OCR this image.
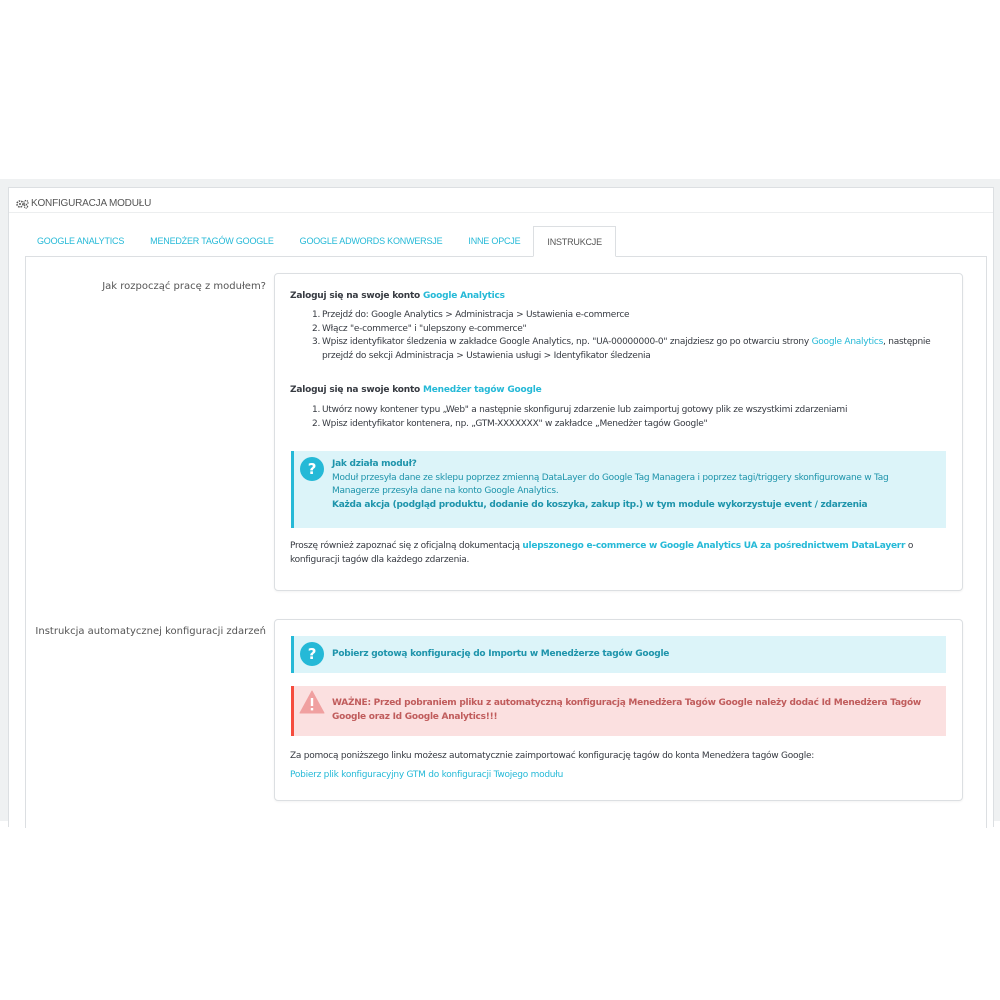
KONFIGURACJA MODUŁU
GOOGLE ANALYTICS	MENEDŻER TAGÓW GOOGLE	GOOGLE ADWORDS KONWERSJE	INNE OPCJE	INSTRUKCJE
Jak rozpocząć pracę z modułem?
Zaloguj się na swoje konto Google Analytics
1. Przejdź do: Google Analytics > Administracja > Ustawienia e-commerce
2. Włącz "e-commerce" i "ulepszony e-commerce"
3. Wpisz identyfikator śledzenia w zakładce Google Analytics, np. "UA-00000000-0" znajdziesz go po otwarciu strony Google Analytics, następnie
przejdź do sekcji Administracja > Ustawienia usługi > Identyfikator śledzenia
Zaloguj się na swoje konto Menedżer tagów Google
1. Utwórz nowy kontener typu „Web" a następnie skonfiguruj zdarzenie lub zaimportuj gotowy plik ze wszystkimi zdarzeniami
2. Wpisz identyfikator kontenera, np. „GTM-XXXXXXX" w zakładce „Menedżer tagów Google"
? Jak działa moduł?
Moduł przesyła dane ze sklepu poprzez zmienną DataLayer do Google Tag Managera i poprzez tagi/triggery skonfigurowane w Tag
Managerze przesyła dane na konto Google Analytics.
Każda akcja (podgląd produktu, dodanie do koszyka, zakup itp.) w tym module wykorzystuje event / zdarzenia
Proszę również zapoznać się z oficjalną dokumentacją ulepszonego e-commerce w Google Analytics UA za pośrednictwem DataLayerr o
konfiguracji tagów dla każdego zdarzenia.
Instrukcja automatycznej konfiguracji zdarzeń
? Pobierz gotową konfigurację do Importu w Menedżerze tagów Google
WAŻNE: Przed pobraniem pliku z automatyczną konfiguracją Menedżera Tagów Google należy dodać Id Menedżera Tagów
Google oraz Id Google Analytics!!!
Za pomocą poniższego linku możesz automatycznie zaimportować konfigurację tagów do konta Menedżera tagów Google:
Pobierz plik konfiguracyjny GTM do konfiguracji Twojego modułu
